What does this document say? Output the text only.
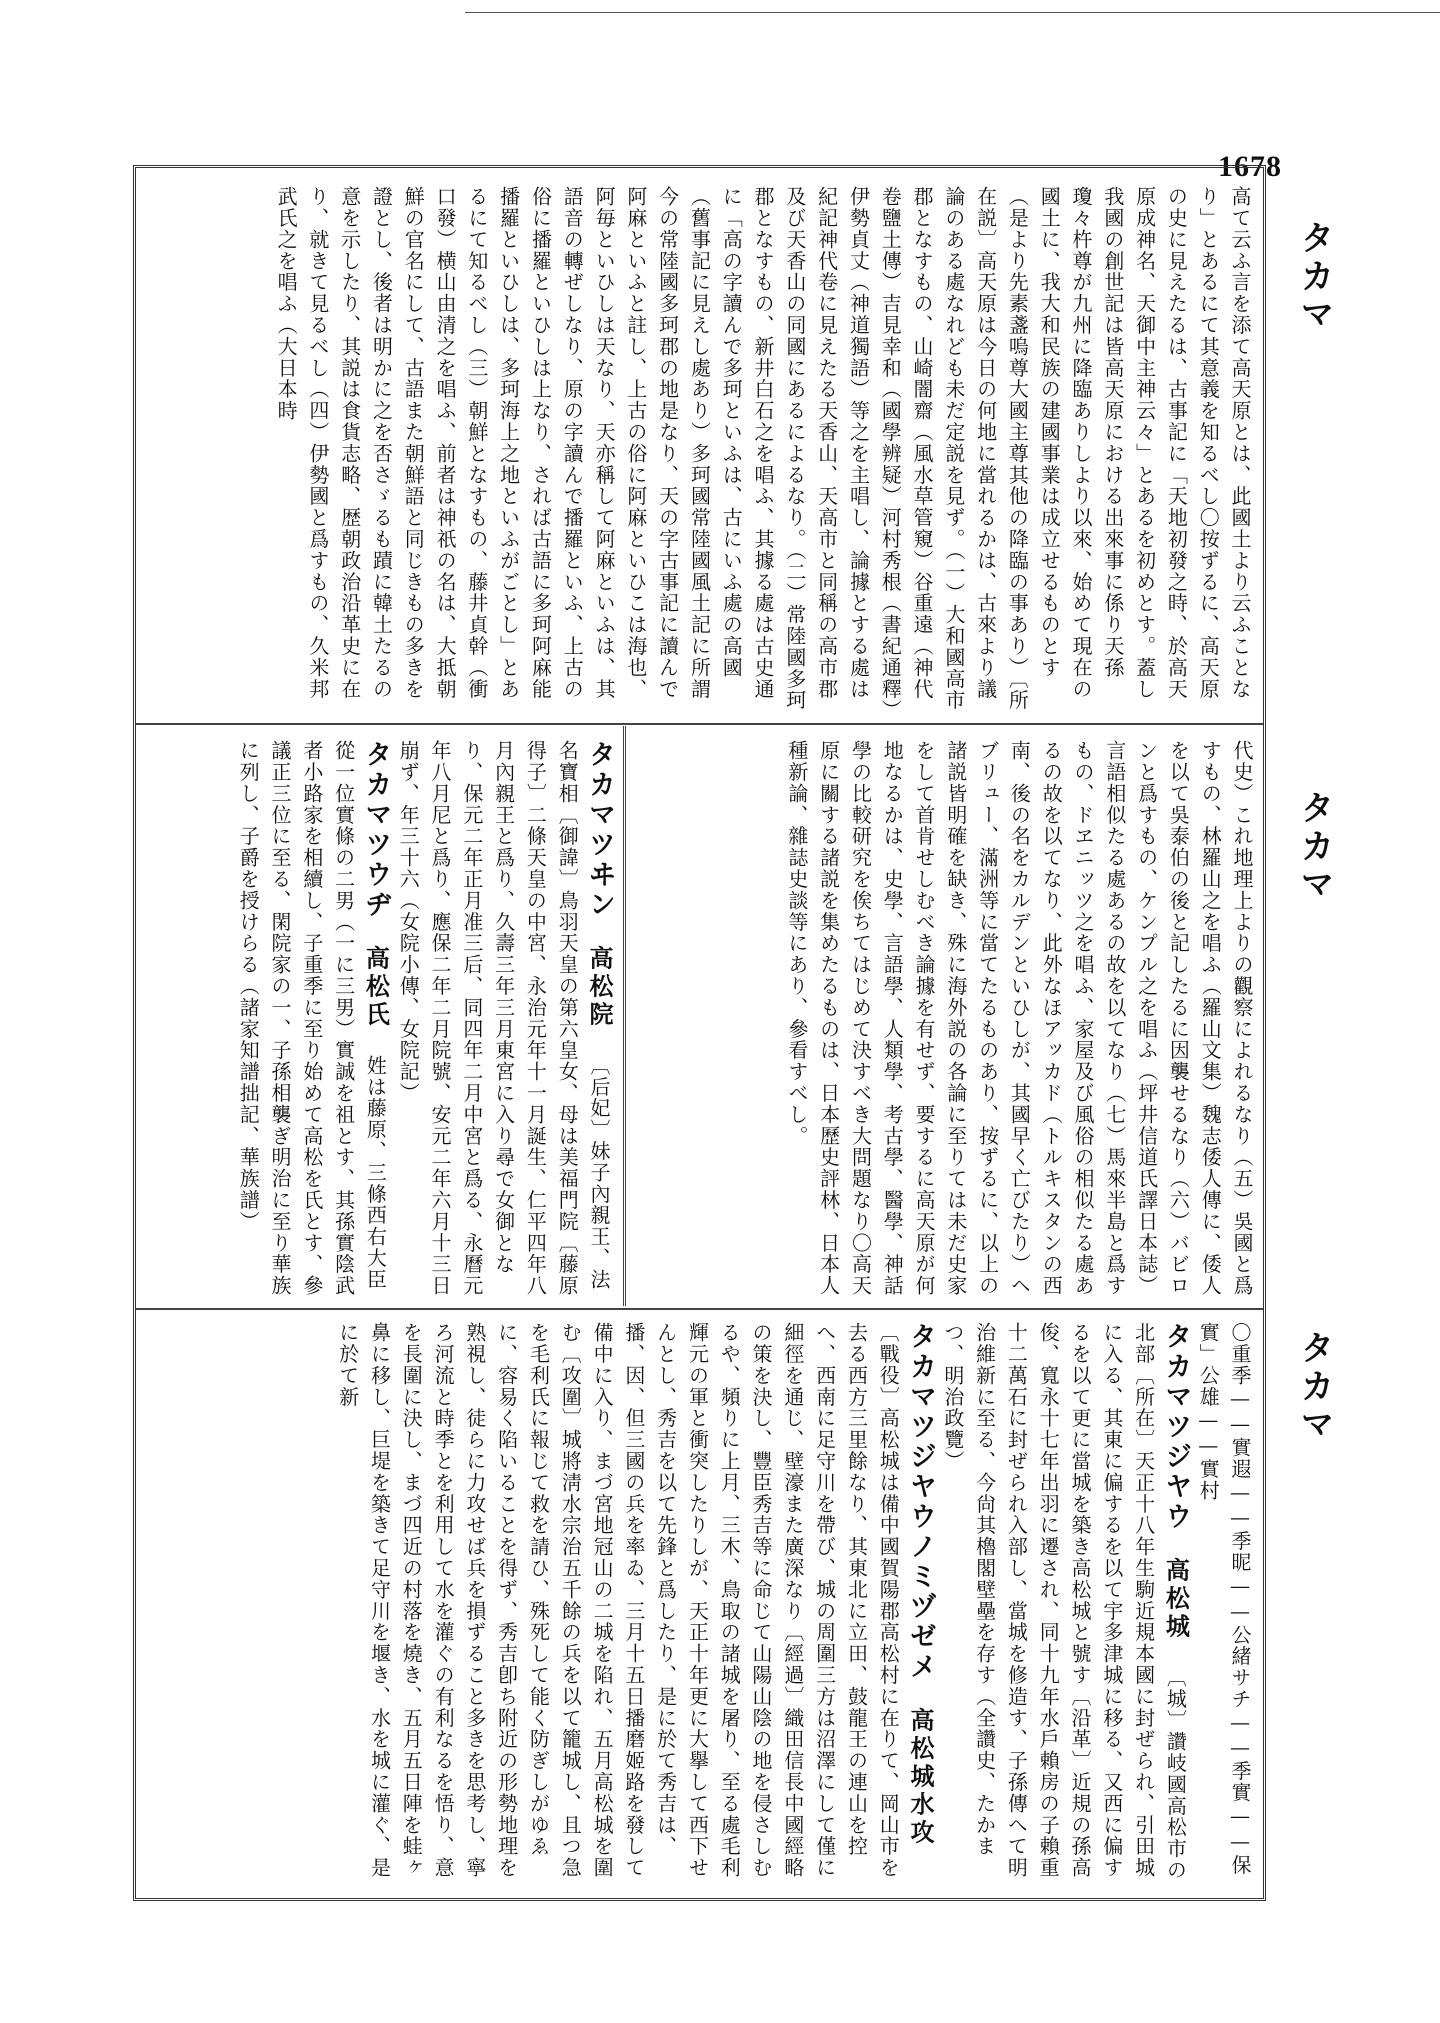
1678
タカマ
タカマ
タカマ
高て云ふ言を添て高天原とは、此國土より云ふことなり」とあるにて其意義を知るべし〇按ずるに、高天原の史に見えたるは、古事記に「天地初發之時、於高天原成神名、天御中主神云々」とあるを初めとす。蓋し我國の創世記は皆高天原における出來事に係り天孫瓊々杵尊が九州に降臨ありしより以來、始めて現在の國土に、我大和民族の建國事業は成立せるものとす（是より先素盞嗚尊大國主尊其他の降臨の事あり）〔所在説〕高天原は今日の何地に當れるかは、古來より議論のある處なれども未だ定説を見ず。（一）大和國高市郡となすもの、山崎闇齋（風水草管窺）谷重遠（神代卷鹽土傳）吉見幸和（國學辨疑）河村秀根（書紀通釋）伊勢貞丈（神道獨語）等之を主唱し、論據とする處は紀記神代卷に見えたる天香山、天高市と同稱の高市郡及び天香山の同國にあるによるなり。（二）常陸國多珂郡となすもの、新井白石之を唱ふ、其據る處は古史通に「高の字讀んで多珂といふは、古にいふ處の高國（舊事記に見えし處あり）多珂國常陸國風土記に所謂今の常陸國多珂郡の地是なり、天の字古事記に讀んで阿麻といふと註し、上古の俗に阿麻といひこは海也、阿毎といひしは天なり、天亦稱して阿麻といふは、其語音の轉ぜしなり、原の字讀んで播羅といふ、上古の俗に播羅といひしは上なり、されば古語に多珂阿麻能播羅といひしは、多珂海上之地といふがごとし」とあるにて知るべし（三）朝鮮となすもの、藤井貞幹（衝口發）横山由清之を唱ふ、前者は神祇の名は、大抵朝鮮の官名にして、古語また朝鮮語と同じきもの多きを證とし、後者は明かに之を否さゞるも蹟に韓土たるの意を示したり、其説は食貨志略、歴朝政治沿革史に在り、就きて見るべし（四）伊勢國と爲すもの、久米邦武氏之を唱ふ（大日本時
代史）これ地理上よりの觀察によれるなり（五）吳國と爲すもの、林羅山之を唱ふ（羅山文集）魏志倭人傳に、倭人を以て吳泰伯の後と記したるに因襲せるなり（六）バビロンと爲すもの、ケンプル之を唱ふ（坪井信道氏譯日本誌）言語相似たる處あるの故を以てなり（七）馬來半島と爲すもの、ドヱニッツ之を唱ふ、家屋及び風俗の相似たる處あるの故を以てなり、此外なほアッカド（トルキスタンの西南、後の名をカルデンといひしが、其國早く亡びたり）ヘブリュー、滿洲等に當てたるものあり、按ずるに、以上の諸説皆明確を缺き、殊に海外説の各論に至りては未だ史家をして首肯せしむべき論據を有せず、要するに高天原が何地なるかは、史學、言語學、人類學、考古學、醫學、神話學の比較研究を俟ちてはじめて決すべき大問題なり〇高天原に關する諸説を集めたるものは、日本歷史評林、日本人種新論、雜誌史談等にあり、參看すべし。
タカマツヰン 高松院 〔后妃〕妹子內親王、法名寶相〔御諱〕鳥羽天皇の第六皇女、母は美福門院〔藤原得子〕二條天皇の中宮、永治元年十一月誕生、仁平四年八月內親王と爲り、久壽三年三月東宮に入り尋で女御となり、保元二年正月准三后、同四年二月中宮と爲る、永曆元年八月尼と爲り、應保二年二月院號、安元二年六月十三日崩ず、年三十六（女院小傳、女院記）
タカマツウヂ 高松氏 姓は藤原、三條西右大臣從一位實條の二男（一に三男）實誠を祖とす、其孫實陰武者小路家を相續し、子重季に至り始めて高松を氏とす、參議正三位に至る、閑院家の一、子孫相襲ぎ明治に至り華族に列し、子爵を授けらる（諸家知譜拙記、華族譜）
〇重季——實遐——季昵——公緒サチ——季實——保實」公雄——實村
タカマツジヤウ 高松城 〔城〕讚岐國高松市の北部〔所在〕天正十八年生駒近規本國に封ぜられ、引田城に入る、其東に偏するを以て宇多津城に移る、又西に偏するを以て更に當城を築き高松城と號す〔沿革〕近規の孫高俊、寬永十七年出羽に遷され、同十九年水戶賴房の子賴重十二萬石に封ぜられ入部し、當城を修造す、子孫傳へて明治維新に至る、今尙其櫓閣壁壘を存す（全讚史、たかまつ、明治政覽）
タカマツジヤウノミヅゼメ 高松城水攻 〔戰役〕高松城は備中國賀陽郡高松村に在りて、岡山市を去る西方三里餘なり、其東北に立田、鼓龍王の連山を控へ、西南に足守川を帶び、城の周圍三方は沼澤にして僅に細徑を通じ、壁濠また廣深なり〔經過〕織田信長中國經略の策を決し、豐臣秀吉等に命じて山陽山陰の地を侵さしむるや、頻りに上月、三木、鳥取の諸城を屠り、至る處毛利輝元の軍と衝突したりしが、天正十年更に大擧して西下せんとし、秀吉を以て先鋒と爲したり、是に於て秀吉は、播、因、但三國の兵を率ゐ、三月十五日播磨姬路を發して備中に入り、まづ宮地冠山の二城を陷れ、五月高松城を圍む〔攻圍〕城將淸水宗治五千餘の兵を以て籠城し、且つ急を毛利氏に報じて救を請ひ、殊死して能く防ぎしがゆゑに、容易く陷いることを得ず、秀吉卽ち附近の形勢地理を熟視し、徒らに力攻せば兵を損ずること多きを思考し、寧ろ河流と時季とを利用して水を灌ぐの有利なるを悟り、意を長圍に決し、まづ四近の村落を燒き、五月五日陣を蛙ヶ鼻に移し、巨堤を築きて足守川を堰き、水を城に灌ぐ、是に於て新
